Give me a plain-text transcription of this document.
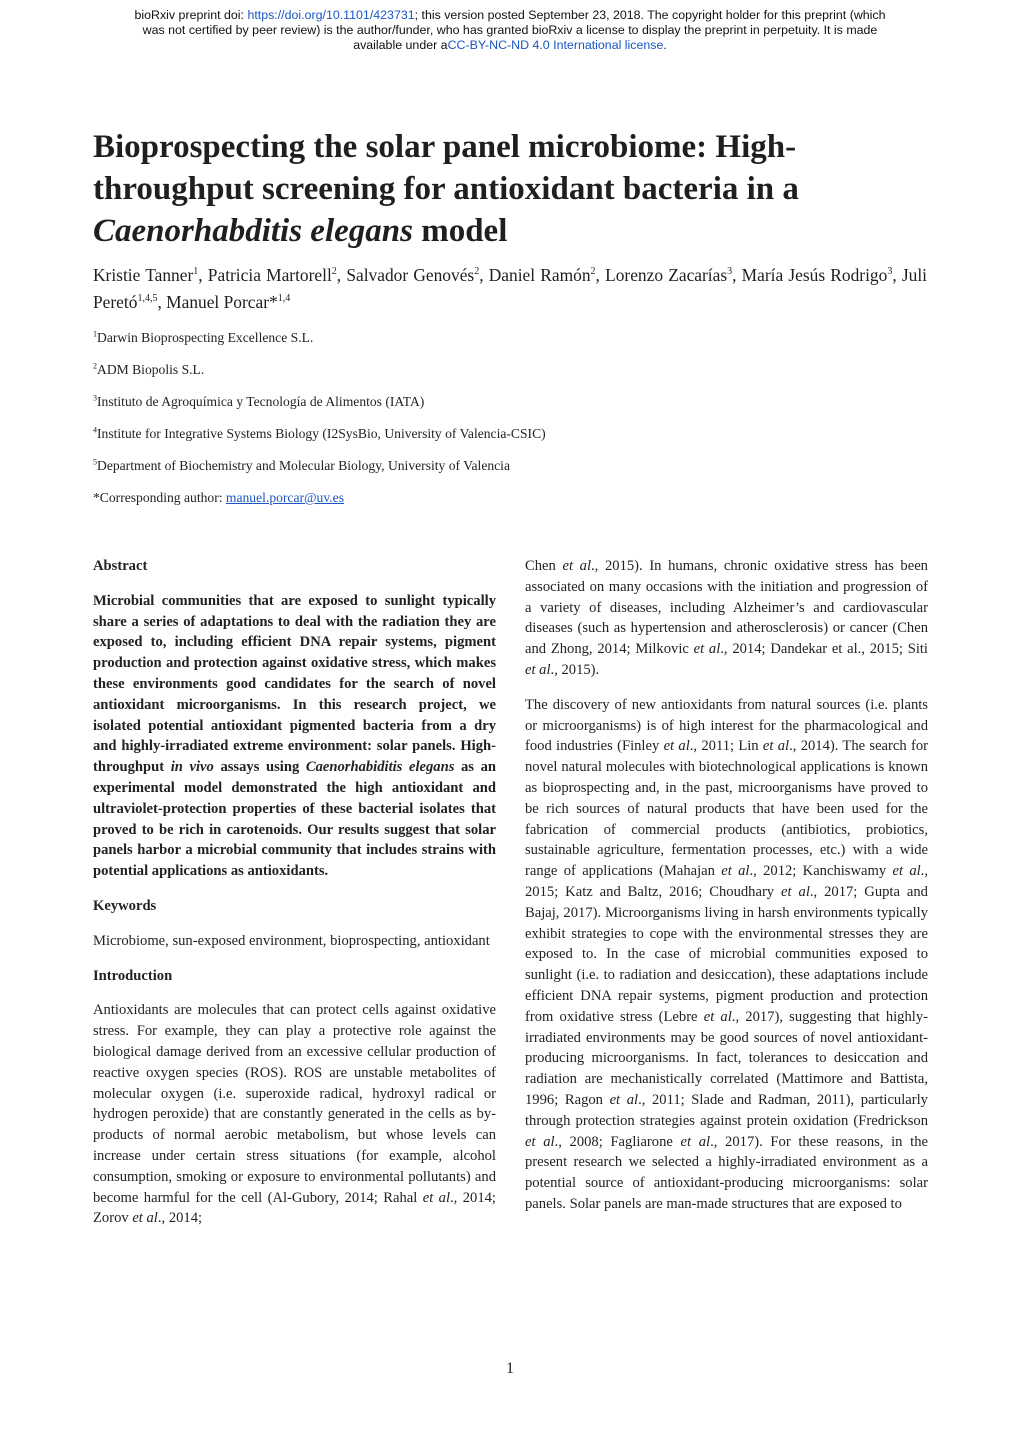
bioRxiv preprint doi: https://doi.org/10.1101/423731; this version posted September 23, 2018. The copyright holder for this preprint (which
was not certified by peer review) is the author/funder, who has granted bioRxiv a license to display the preprint in perpetuity. It is made
available under aCC-BY-NC-ND 4.0 International license.
Bioprospecting the solar panel microbiome: High-throughput screening for antioxidant bacteria in a Caenorhabditis elegans model
Kristie Tanner$^1$, Patricia Martorell$^2$, Salvador Genovés$^2$, Daniel Ramón$^2$, Lorenzo Zacarías$^3$, María Jesús Rodrigo$^3$, Juli Peretó$^{1,4,5}$, Manuel Porcar*$^{1,4}$
$^1$Darwin Bioprospecting Excellence S.L.
$^2$ADM Biopolis S.L.
$^3$Instituto de Agroquímica y Tecnología de Alimentos (IATA)
$^4$Institute for Integrative Systems Biology (I2SysBio, University of Valencia-CSIC)
$^5$Department of Biochemistry and Molecular Biology, University of Valencia
*Corresponding author: manuel.porcar@uv.es
Abstract

Microbial communities that are exposed to sunlight typically share a series of adaptations to deal with the radiation they are exposed to, including efficient DNA repair systems, pigment production and protection against oxidative stress, which makes these environments good candidates for the search of novel antioxidant microorganisms. In this research project, we isolated potential antioxidant pigmented bacteria from a dry and highly-irradiated extreme environment: solar panels. High-throughput in vivo assays using Caenorhabiditis elegans as an experimental model demonstrated the high antioxidant and ultraviolet-protection properties of these bacterial isolates that proved to be rich in carotenoids. Our results suggest that solar panels harbor a microbial community that includes strains with potential applications as antioxidants.

Keywords

Microbiome, sun-exposed environment, bioprospecting, antioxidant

Introduction

Antioxidants are molecules that can protect cells against oxidative stress. For example, they can play a protective role against the biological damage derived from an excessive cellular production of reactive oxygen species (ROS). ROS are unstable metabolites of molecular oxygen (i.e. superoxide radical, hydroxyl radical or hydrogen peroxide) that are constantly generated in the cells as by-products of normal aerobic metabolism, but whose levels can increase under certain stress situations (for example, alcohol consumption, smoking or exposure to environmental pollutants) and become harmful for the cell (Al-Gubory, 2014; Rahal et al., 2014; Zorov et al., 2014;

Chen et al., 2015). In humans, chronic oxidative stress has been associated on many occasions with the initiation and progression of a variety of diseases, including Alzheimer’s and cardiovascular diseases (such as hypertension and atherosclerosis) or cancer (Chen and Zhong, 2014; Milkovic et al., 2014; Dandekar et al., 2015; Siti et al., 2015).

The discovery of new antioxidants from natural sources (i.e. plants or microorganisms) is of high interest for the pharmacological and food industries (Finley et al., 2011; Lin et al., 2014). The search for novel natural molecules with biotechnological applications is known as bioprospecting and, in the past, microorganisms have proved to be rich sources of natural products that have been used for the fabrication of commercial products (antibiotics, probiotics, sustainable agriculture, fermentation processes, etc.) with a wide range of applications (Mahajan et al., 2012; Kanchiswamy et al., 2015; Katz and Baltz, 2016; Choudhary et al., 2017; Gupta and Bajaj, 2017). Microorganisms living in harsh environments typically exhibit strategies to cope with the environmental stresses they are exposed to. In the case of microbial communities exposed to sunlight (i.e. to radiation and desiccation), these adaptations include efficient DNA repair systems, pigment production and protection from oxidative stress (Lebre et al., 2017), suggesting that highly-irradiated environments may be good sources of novel antioxidant-producing microorganisms. In fact, tolerances to desiccation and radiation are mechanistically correlated (Mattimore and Battista, 1996; Ragon et al., 2011; Slade and Radman, 2011), particularly through protection strategies against protein oxidation (Fredrickson et al., 2008; Fagliarone et al., 2017). For these reasons, in the present research we selected a highly-irradiated environment as a potential source of antioxidant-producing microorganisms: solar panels. Solar panels are man-made structures that are exposed to

1
